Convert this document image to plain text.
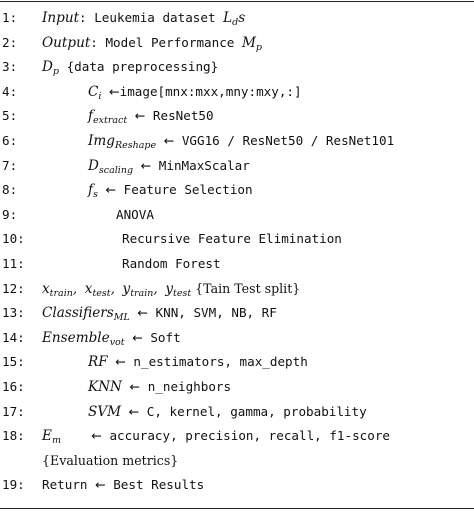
1:	Input: Leukemia dataset $L_ds$
2:	Output: Model Performance $M_p$
3:	$D_p$ {data preprocessing}
4:	$C_i$ ←image[mnx:mxx,mny:mxy,:]
5:	$f_{extract}$ ← ResNet50
6:	Img$_{Reshape}$ ← VGG16 / ResNet50 / ResNet101
7:	$D_{scaling}$ ← MinMaxScalar
8:	$f_s$ ← Feature Selection
9:	ANOVA
10:	Recursive Feature Elimination
11:	Random Forest
12:	$x_{train}$, $x_{test}$, $y_{train}$, $y_{test}$ {Tain Test split}
13:	Classifiers$_{ML}$ ← KNN, SVM, NB, RF
14:	Ensemble$_{vot}$ ← Soft
15:	RF ← n_estimators, max_depth
16:	KNN ← n_neighbors
17:	SVM ← C, kernel, gamma, probability
18:	$E_m$ ← accuracy, precision, recall, f1-score
{Evaluation metrics}
19:	Return ← Best Results
